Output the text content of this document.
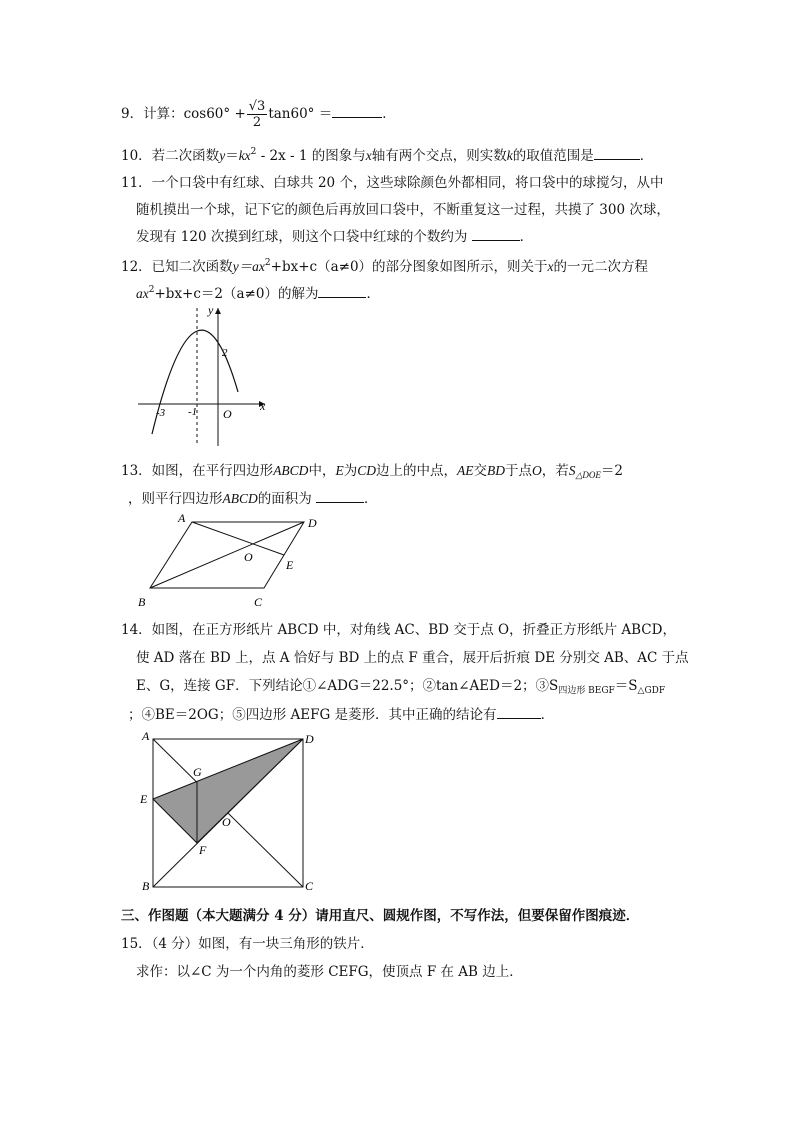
9．计算：$\cos 60^\circ + \frac{√3}{2} \tan 60^\circ$ ＝	．
10．若二次函数$y=kx^2 - 2x - 1$ 的图象与x轴有两个交点，则实数k的取值范围是	．
11．一个口袋中有红球、白球共 20 个，这些球除颜色外都相同，将口袋中的球搅匀，从中
随机摸出一个球，记下它的颜色后再放回口袋中，不断重复这一过程，共摸了 300 次球，
发现有 120 次摸到红球，则这个口袋中红球的个数约为	．
12．已知二次函数$y=ax^2+bx+c(a\ne 0)$的部分图象如图所示，则关于x的一元二次方程
$ax^2+bx+c=2(a\ne 0)$的解为	．
y
x
O
-3 -1
2
13．如图，在平行四边形ABCD中，E为CD边上的中点，AE交BD于点O，若$S_{\triangle DOE}=2$
，则平行四边形ABCD的面积为	．
A	D
B	C
E
O
14．如图，在正方形纸片 ABCD 中，对角线 AC、BD 交于点 O，折叠正方形纸片 ABCD，
使 AD 落在 BD 上，点 A 恰好与 BD 上的点 F 重合，展开后折痕 DE 分别交 AB、AC 于点
E、G，连接 GF．下列结论①∠ADG＝22.5°；②tan∠AED＝2；$③S_{四边形 BEGF}=S_{\triangle GDF}$
；④BE＝2OG；⑤四边形 AEFG 是菱形．其中正确的结论有	．
A	D
B	C
E
G
F
O
三、作图题（本大题满分 4 分）请用直尺、圆规作图，不写作法，但要保留作图痕迹．
15．（4 分）如图，有一块三角形的铁片．
求作：以∠C 为一个内角的菱形 CEFG，使顶点 F 在 AB 边上．
